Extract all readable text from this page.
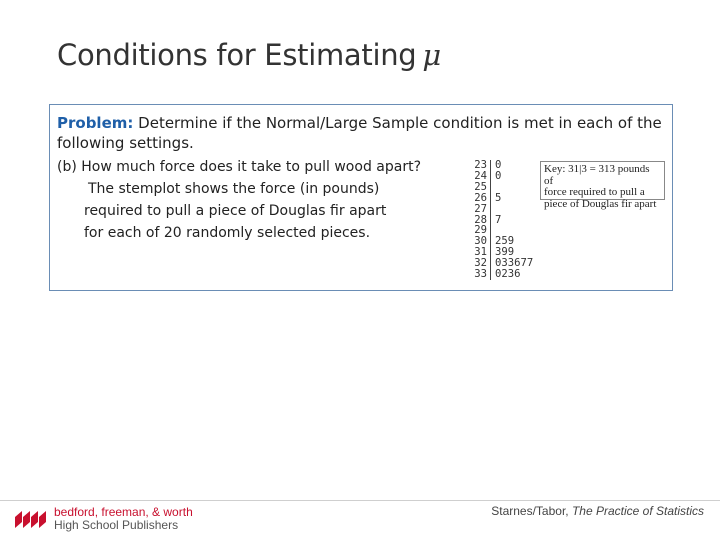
Conditions for Estimating μ
Problem: Determine if the Normal/Large Sample condition is met in each of the following settings.
(b) How much force does it take to pull wood apart?
The stemplot shows the force (in pounds)
required to pull a piece of Douglas fir apart
for each of 20 randomly selected pieces.
23 0
24 0
25
26 5
27
28 7
29
30 259
31 399
32 033677
33 0236
Key: 31|3 = 313 pounds of
force required to pull a
piece of Douglas fir apart
bedford, freeman, & worth
High School Publishers
Starnes/Tabor, The Practice of Statistics
